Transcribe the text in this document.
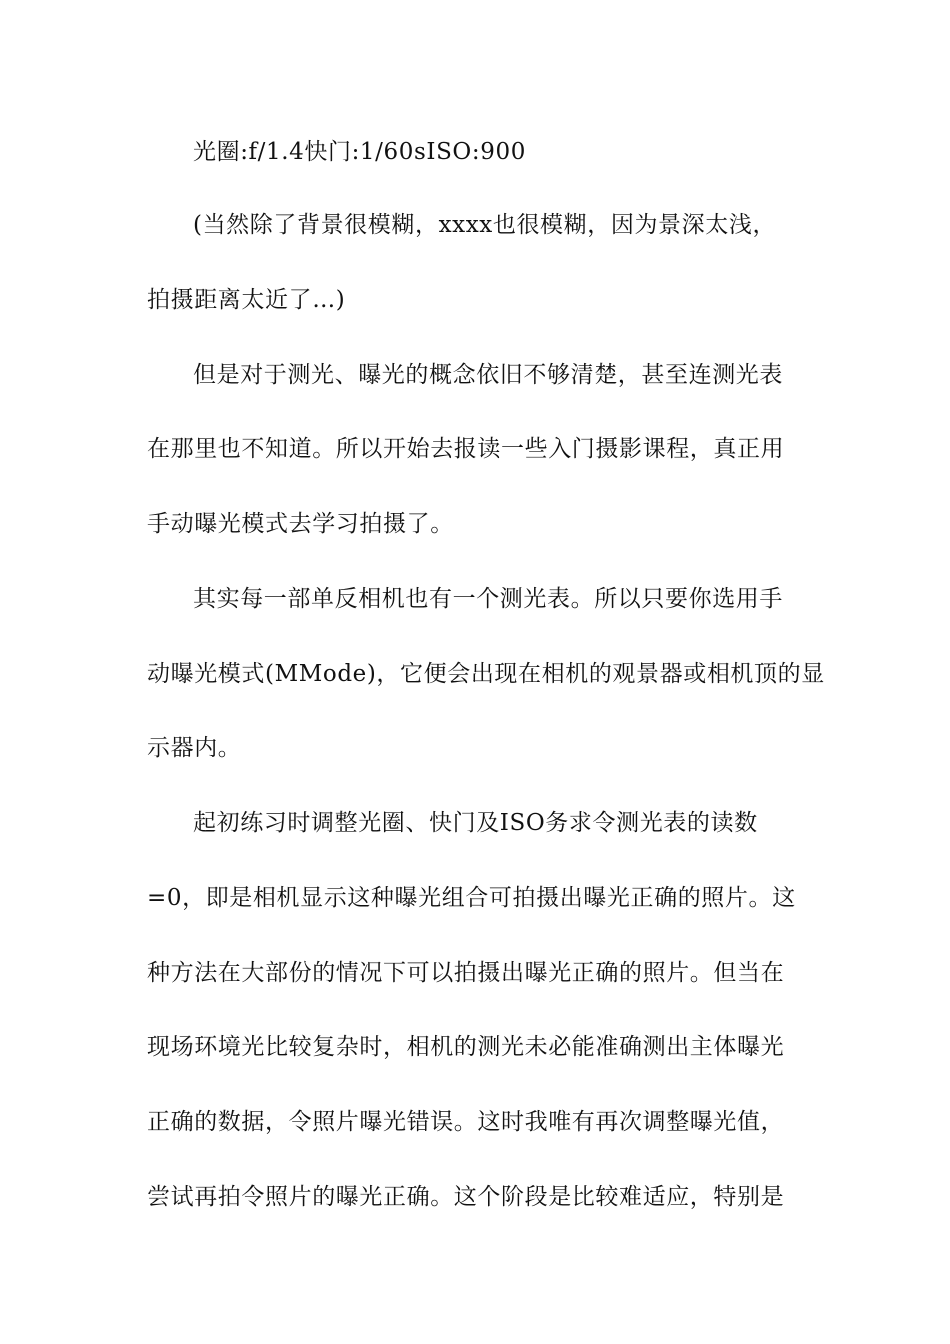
光圈:f/1.4快门:1/60sISO:900
(当然除了背景很模糊，xxxx也很模糊，因为景深太浅，
拍摄距离太近了…)
但是对于测光、曝光的概念依旧不够清楚，甚至连测光表
在那里也不知道。所以开始去报读一些入门摄影课程，真正用
手动曝光模式去学习拍摄了。
其实每一部单反相机也有一个测光表。所以只要你选用手
动曝光模式(MMode)，它便会出现在相机的观景器或相机顶的显
示器内。
起初练习时调整光圈、快门及ISO务求令测光表的读数
=0，即是相机显示这种曝光组合可拍摄出曝光正确的照片。这
种方法在大部份的情况下可以拍摄出曝光正确的照片。但当在
现场环境光比较复杂时，相机的测光未必能准确测出主体曝光
正确的数据，令照片曝光错误。这时我唯有再次调整曝光值，
尝试再拍令照片的曝光正确。这个阶段是比较难适应，特别是
